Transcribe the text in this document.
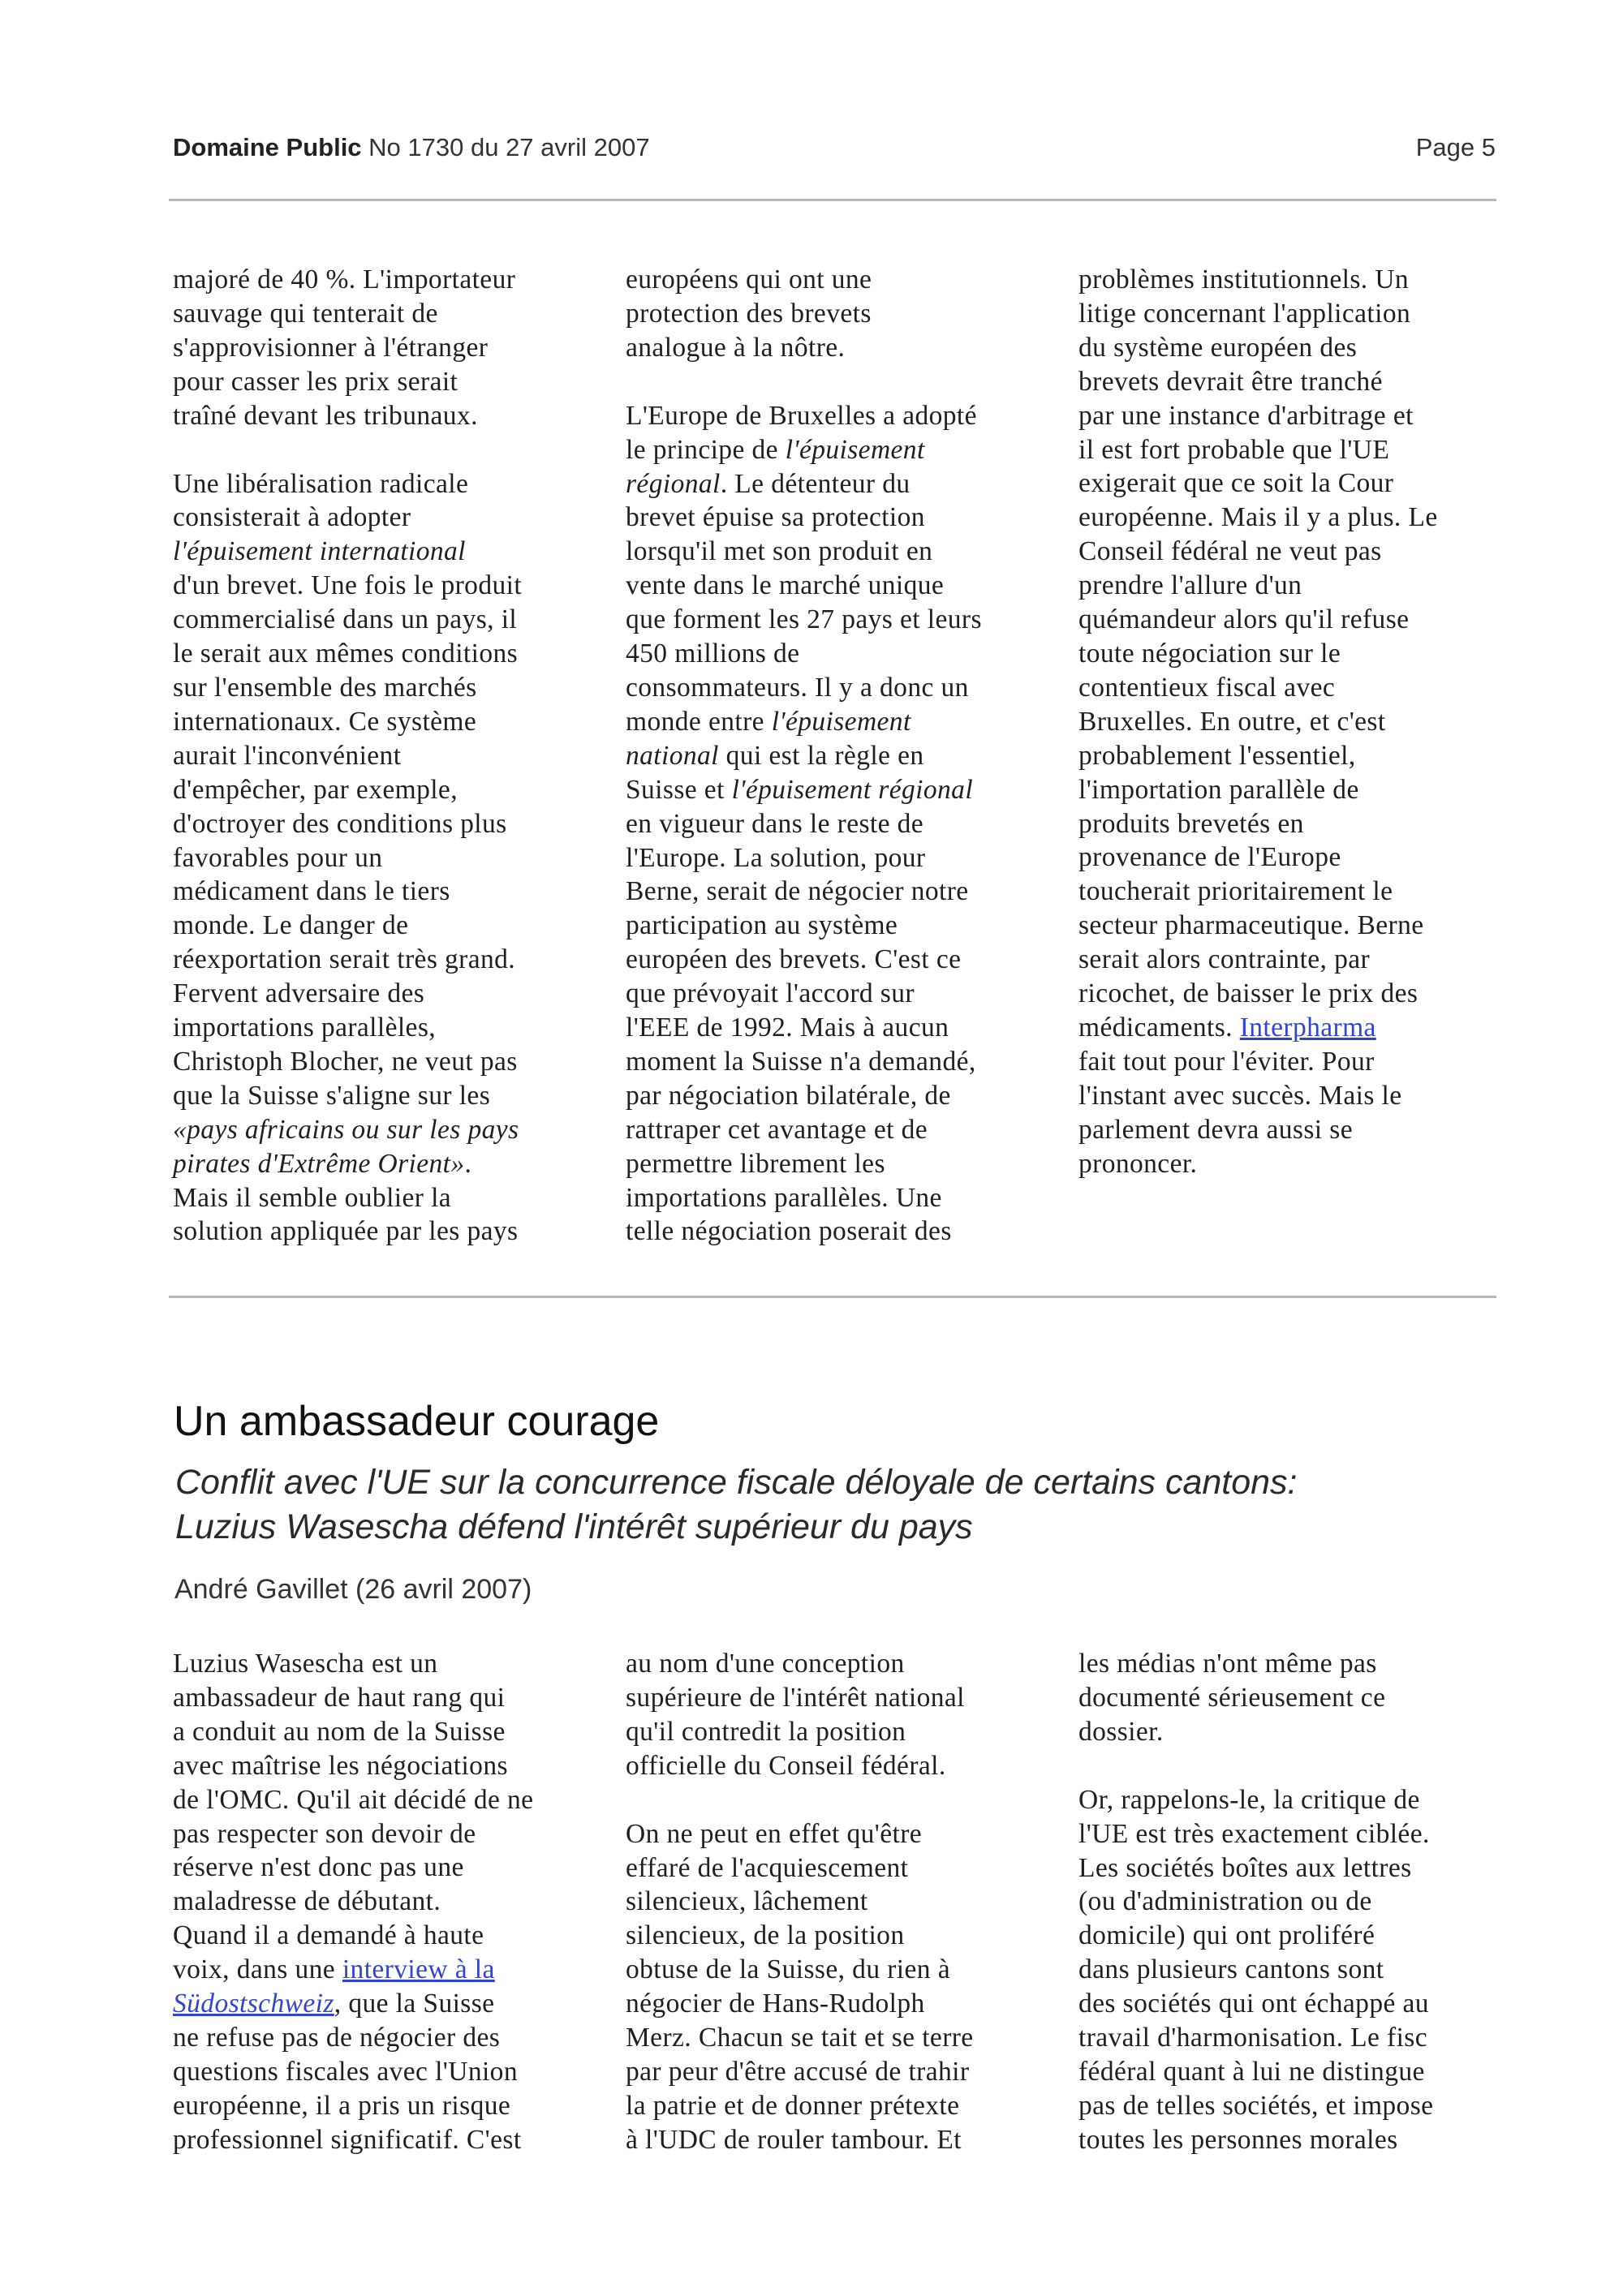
Domaine Public No 1730 du 27 avril 2007	Page 5

majoré de 40 %. L'importateur
sauvage qui tenterait de
s'approvisionner à l'étranger
pour casser les prix serait
traîné devant les tribunaux.

Une libéralisation radicale
consisterait à adopter
l'épuisement international
d'un brevet. Une fois le produit
commercialisé dans un pays, il
le serait aux mêmes conditions
sur l'ensemble des marchés
internationaux. Ce système
aurait l'inconvénient
d'empêcher, par exemple,
d'octroyer des conditions plus
favorables pour un
médicament dans le tiers
monde. Le danger de
réexportation serait très grand.
Fervent adversaire des
importations parallèles,
Christoph Blocher, ne veut pas
que la Suisse s'aligne sur les
«pays africains ou sur les pays
pirates d'Extrême Orient».
Mais il semble oublier la
solution appliquée par les pays

européens qui ont une
protection des brevets
analogue à la nôtre.

L'Europe de Bruxelles a adopté
le principe de l'épuisement
régional. Le détenteur du
brevet épuise sa protection
lorsqu'il met son produit en
vente dans le marché unique
que forment les 27 pays et leurs
450 millions de
consommateurs. Il y a donc un
monde entre l'épuisement
national qui est la règle en
Suisse et l'épuisement régional
en vigueur dans le reste de
l'Europe. La solution, pour
Berne, serait de négocier notre
participation au système
européen des brevets. C'est ce
que prévoyait l'accord sur
l'EEE de 1992. Mais à aucun
moment la Suisse n'a demandé,
par négociation bilatérale, de
rattraper cet avantage et de
permettre librement les
importations parallèles. Une
telle négociation poserait des

problèmes institutionnels. Un
litige concernant l'application
du système européen des
brevets devrait être tranché
par une instance d'arbitrage et
il est fort probable que l'UE
exigerait que ce soit la Cour
européenne. Mais il y a plus. Le
Conseil fédéral ne veut pas
prendre l'allure d'un
quémandeur alors qu'il refuse
toute négociation sur le
contentieux fiscal avec
Bruxelles. En outre, et c'est
probablement l'essentiel,
l'importation parallèle de
produits brevetés en
provenance de l'Europe
toucherait prioritairement le
secteur pharmaceutique. Berne
serait alors contrainte, par
ricochet, de baisser le prix des
médicaments. Interpharma
fait tout pour l'éviter. Pour
l'instant avec succès. Mais le
parlement devra aussi se
prononcer.

Un ambassadeur courage
Conflit avec l'UE sur la concurrence fiscale déloyale de certains cantons:
Luzius Wasescha défend l'intérêt supérieur du pays
André Gavillet (26 avril 2007)

Luzius Wasescha est un
ambassadeur de haut rang qui
a conduit au nom de la Suisse
avec maîtrise les négociations
de l'OMC. Qu'il ait décidé de ne
pas respecter son devoir de
réserve n'est donc pas une
maladresse de débutant.
Quand il a demandé à haute
voix, dans une interview à la
Südostschweiz, que la Suisse
ne refuse pas de négocier des
questions fiscales avec l'Union
européenne, il a pris un risque
professionnel significatif. C'est

au nom d'une conception
supérieure de l'intérêt national
qu'il contredit la position
officielle du Conseil fédéral.

On ne peut en effet qu'être
effaré de l'acquiescement
silencieux, lâchement
silencieux, de la position
obtuse de la Suisse, du rien à
négocier de Hans-Rudolph
Merz. Chacun se tait et se terre
par peur d'être accusé de trahir
la patrie et de donner prétexte
à l'UDC de rouler tambour. Et

les médias n'ont même pas
documenté sérieusement ce
dossier.

Or, rappelons-le, la critique de
l'UE est très exactement ciblée.
Les sociétés boîtes aux lettres
(ou d'administration ou de
domicile) qui ont proliféré
dans plusieurs cantons sont
des sociétés qui ont échappé au
travail d'harmonisation. Le fisc
fédéral quant à lui ne distingue
pas de telles sociétés, et impose
toutes les personnes morales
